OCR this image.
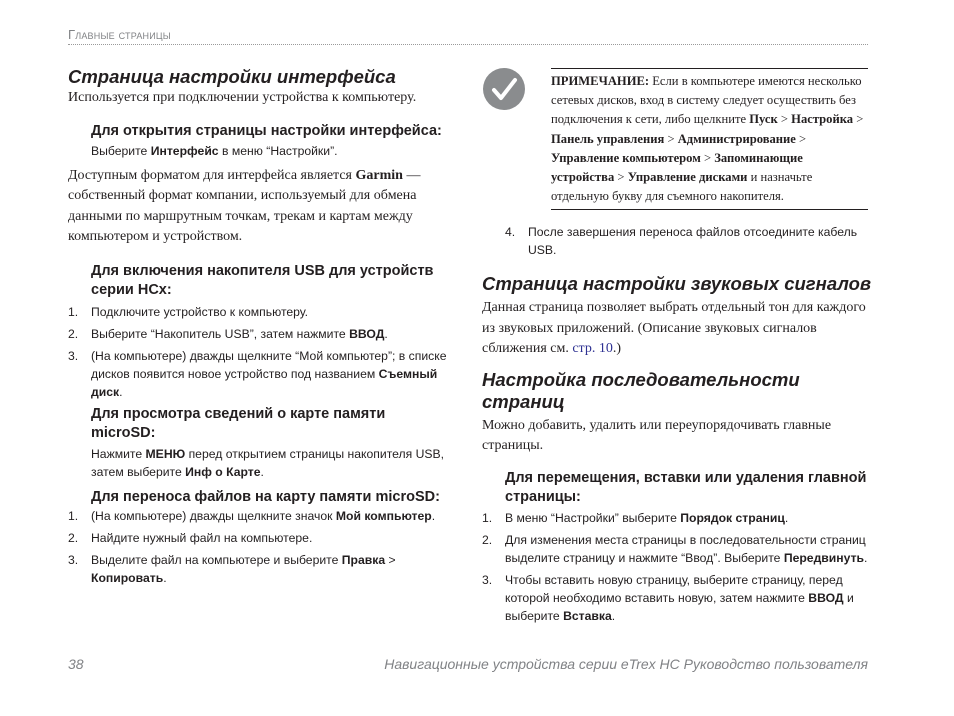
Главные страницы
Страница настройки интерфейса

Используется при подключении устройства к компьютеру.

Для открытия страницы настройки интерфейса:

Выберите Интерфейс в меню “Настройки”.

Доступным форматом для интерфейса является Garmin — собственный формат компании, используемый для обмена данными по маршрутным точкам, трекам и картам между компьютером и устройством.

Для включения накопителя USB для устройств серии HCx:

1. Подключите устройство к компьютеру.
2. Выберите “Накопитель USB”, затем нажмите ВВОД.
3. (На компьютере) дважды щелкните “Мой компьютер”; в списке дисков появится новое устройство под названием Съемный диск.

Для просмотра сведений о карте памяти microSD:

Нажмите МЕНЮ перед открытием страницы накопителя USB, затем выберите Инф о Карте.

Для переноса файлов на карту памяти microSD:

1. (На компьютере) дважды щелкните значок Мой компьютер.
2. Найдите нужный файл на компьютере.
3. Выделите файл на компьютере и выберите Правка > Копировать.

ПРИМЕЧАНИЕ: Если в компьютере имеются несколько сетевых дисков, вход в систему следует осуществить без подключения к сети, либо щелкните Пуск > Настройка > Панель управления > Администрирование > Управление компьютером > Запоминающие устройства > Управление дисками и назначьте отдельную букву для съемного накопителя.

4. После завершения переноса файлов отсоедините кабель USB.
Страница настройки звуковых сигналов

Данная страница позволяет выбрать отдельный тон для каждого из звуковых приложений. (Описание звуковых сигналов сближения см. стр. 10.)

Настройка последовательности страниц

Можно добавить, удалить или переупорядочивать главные страницы.

Для перемещения, вставки или удаления главной страницы:

1. В меню “Настройки” выберите Порядок страниц.
2. Для изменения места страницы в последовательности страниц выделите страницу и нажмите “Ввод”. Выберите Передвинуть.
3. Чтобы вставить новую страницу, выберите страницу, перед которой необходимо вставить новую, затем нажмите ВВОД и выберите Вставка.
38	Навигационные устройства серии eTrex HC Руководство пользователя
